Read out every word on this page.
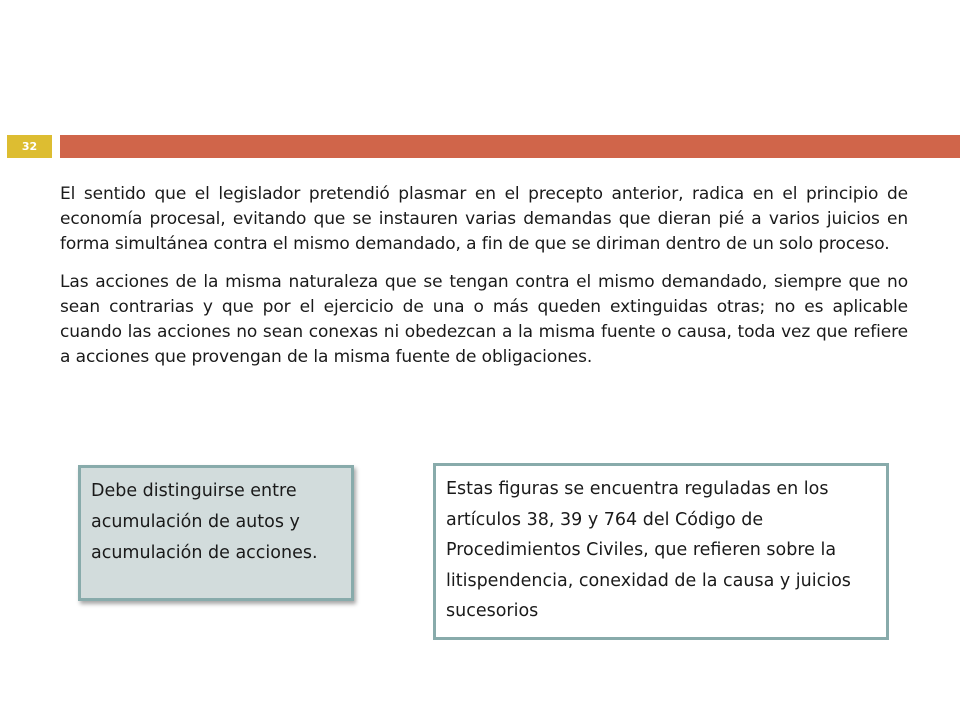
32

El sentido que el legislador pretendió plasmar en el precepto anterior, radica en el principio de economía procesal, evitando que se instauren varias demandas que dieran pié a varios juicios en forma simultánea contra el mismo demandado, a fin de que se diriman dentro de un solo proceso.

Las acciones de la misma naturaleza que se tengan contra el mismo demandado, siempre que no sean contrarias y que por el ejercicio de una o más queden extinguidas otras; no es aplicable cuando las acciones no sean conexas ni obedezcan a la misma fuente o causa, toda vez que refiere a acciones que provengan de la misma fuente de obligaciones.

Debe distinguirse entre acumulación de autos y acumulación de acciones.

Estas figuras se encuentra reguladas en los artículos 38, 39 y 764 del Código de Procedimientos Civiles, que refieren sobre la litispendencia, conexidad de la causa y juicios sucesorios
